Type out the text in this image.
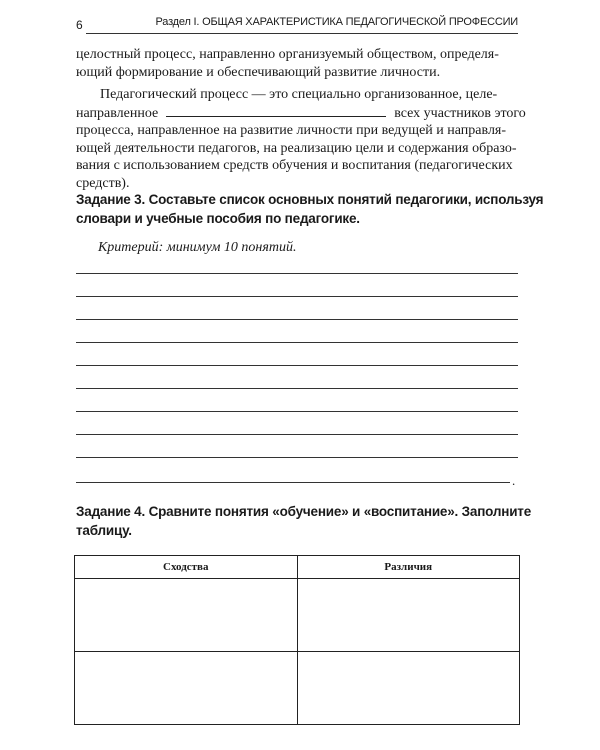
6	Раздел I. ОБЩАЯ ХАРАКТЕРИСТИКА ПЕДАГОГИЧЕСКОЙ ПРОФЕССИИ

целостный процесс, направленно организуемый обществом, определя-
ющий формирование и обеспечивающий развитие личности.

Педагогический процесс — это специально организованное, целе-
направленное	всех участников этого
процесса, направленное на развитие личности при ведущей и направля-
ющей деятельности педагогов, на реализацию цели и содержания образо-
вания с использованием средств обучения и воспитания (педагогических
средств).

Задание 3. Составьте список основных понятий педагогики, используя
словари и учебные пособия по педагогике.
Критерий: минимум 10 понятий.
.
Задание 4. Сравните понятия «обучение» и «воспитание». Заполните
таблицу.
Сходства	Различия
